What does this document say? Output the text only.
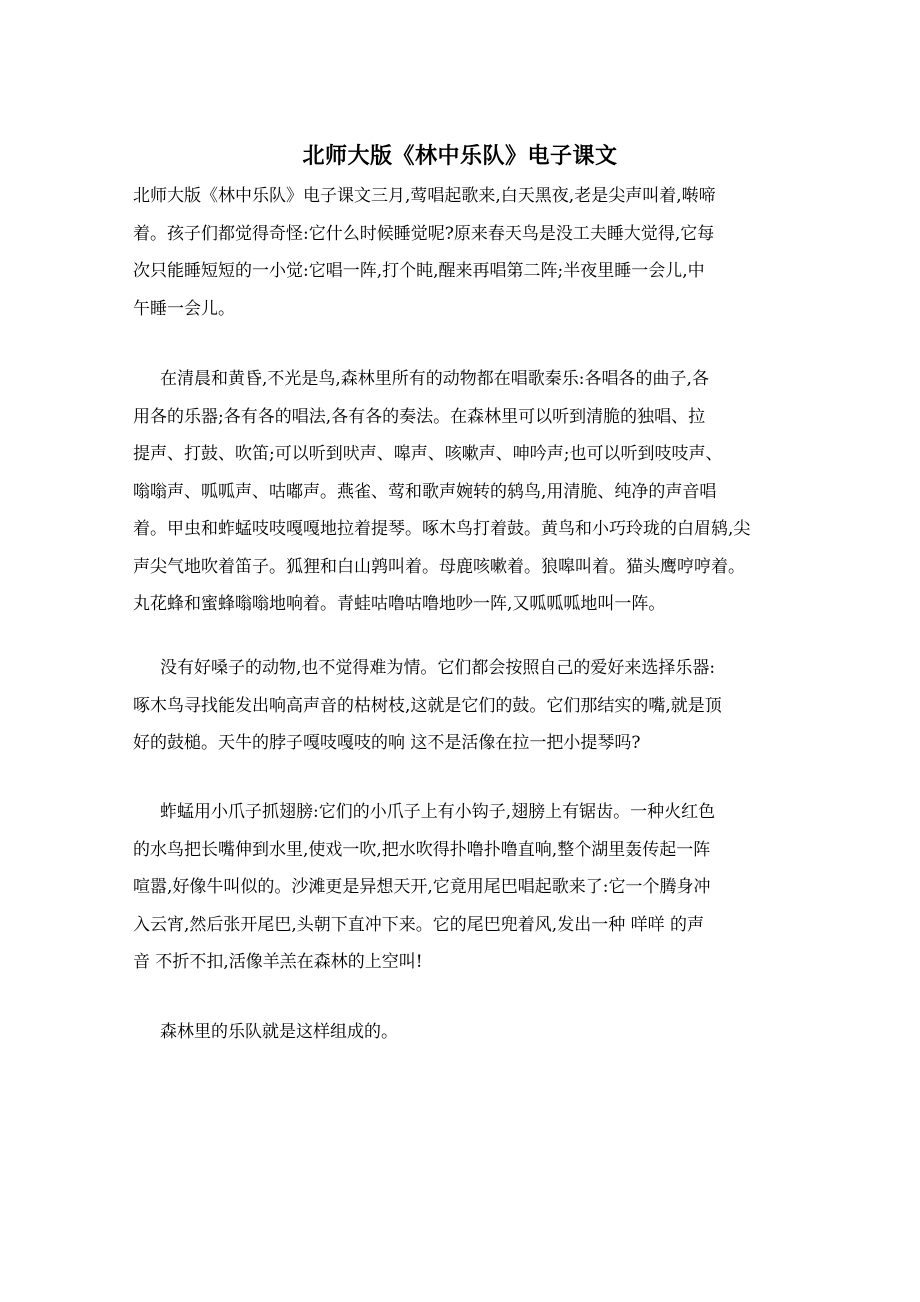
北师大版《林中乐队》电子课文
北师大版《林中乐队》电子课文三月,莺唱起歌来,白天黑夜,老是尖声叫着,啭啼
着。孩子们都觉得奇怪:它什么时候睡觉呢?原来春天鸟是没工夫睡大觉得,它每
次只能睡短短的一小觉:它唱一阵,打个盹,醒来再唱第二阵;半夜里睡一会儿,中
午睡一会儿。
在清晨和黄昏,不光是鸟,森林里所有的动物都在唱歌秦乐:各唱各的曲子,各
用各的乐器;各有各的唱法,各有各的奏法。在森林里可以听到清脆的独唱、拉
提声、打鼓、吹笛;可以听到吠声、嗥声、咳嗽声、呻吟声;也可以听到吱吱声、
嗡嗡声、呱呱声、咕嘟声。燕雀、莺和歌声婉转的鸫鸟,用清脆、纯净的声音唱
着。甲虫和蚱蜢吱吱嘎嘎地拉着提琴。啄木鸟打着鼓。黄鸟和小巧玲珑的白眉鸫,尖
声尖气地吹着笛子。狐狸和白山鹑叫着。母鹿咳嗽着。狼嗥叫着。猫头鹰哼哼着。
丸花蜂和蜜蜂嗡嗡地响着。青蛙咕噜咕噜地吵一阵,又呱呱呱地叫一阵。
没有好嗓子的动物,也不觉得难为情。它们都会按照自己的爱好来选择乐器:
啄木鸟寻找能发出响高声音的枯树枝,这就是它们的鼓。它们那结实的嘴,就是顶
好的鼓槌。天牛的脖子嘎吱嘎吱的响 这不是活像在拉一把小提琴吗?
蚱蜢用小爪子抓翅膀:它们的小爪子上有小钩子,翅膀上有锯齿。一种火红色
的水鸟把长嘴伸到水里,使戏一吹,把水吹得扑噜扑噜直响,整个湖里轰传起一阵
喧嚣,好像牛叫似的。沙滩更是异想天开,它竟用尾巴唱起歌来了:它一个腾身冲
入云宵,然后张开尾巴,头朝下直冲下来。它的尾巴兜着风,发出一种 咩咩 的声
音 不折不扣,活像羊羔在森林的上空叫!
森林里的乐队就是这样组成的。
